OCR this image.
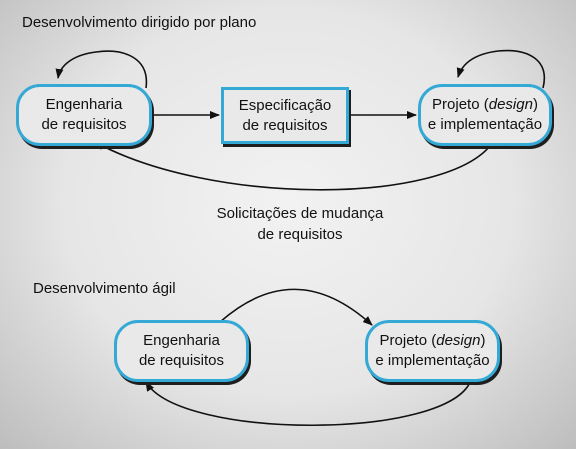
Desenvolvimento dirigido por plano
Engenharia
de requisitos
Especificação
de requisitos
Projeto (design)
e implementação
Solicitações de mudança
de requisitos
Desenvolvimento ágil
Engenharia
de requisitos
Projeto (design)
e implementação
